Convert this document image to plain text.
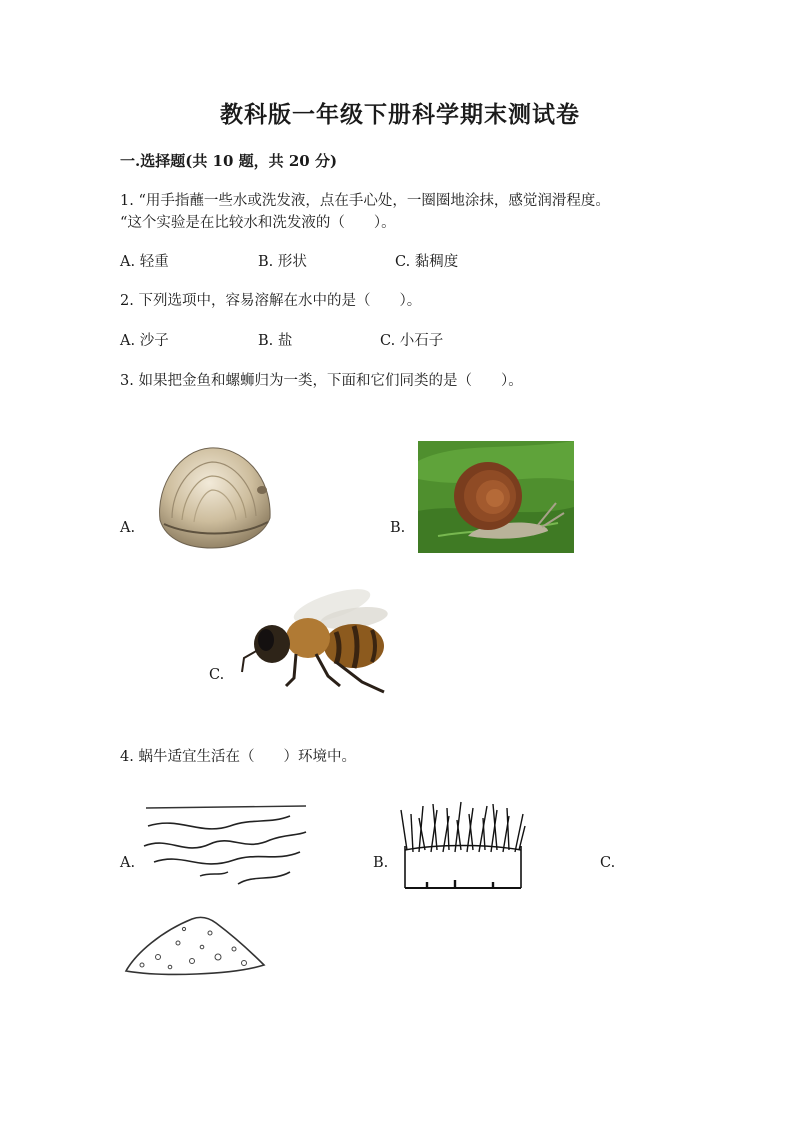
教科版一年级下册科学期末测试卷
一.选择题(共 10 题，共 20 分)
1. “用手指蘸一些水或洗发液，点在手心处，一圈圈地涂抹，感觉润滑程度。
“这个实验是在比较水和洗发液的（　　）。
A. 轻重	B. 形状	C. 黏稠度
2. 下列选项中，容易溶解在水中的是（　　）。
A. 沙子	B. 盐	C. 小石子
3. 如果把金鱼和螺蛳归为一类，下面和它们同类的是（　　）。
A.	B.
C.
4. 蜗牛适宜生活在（　　）环境中。
A.	B.	C.
